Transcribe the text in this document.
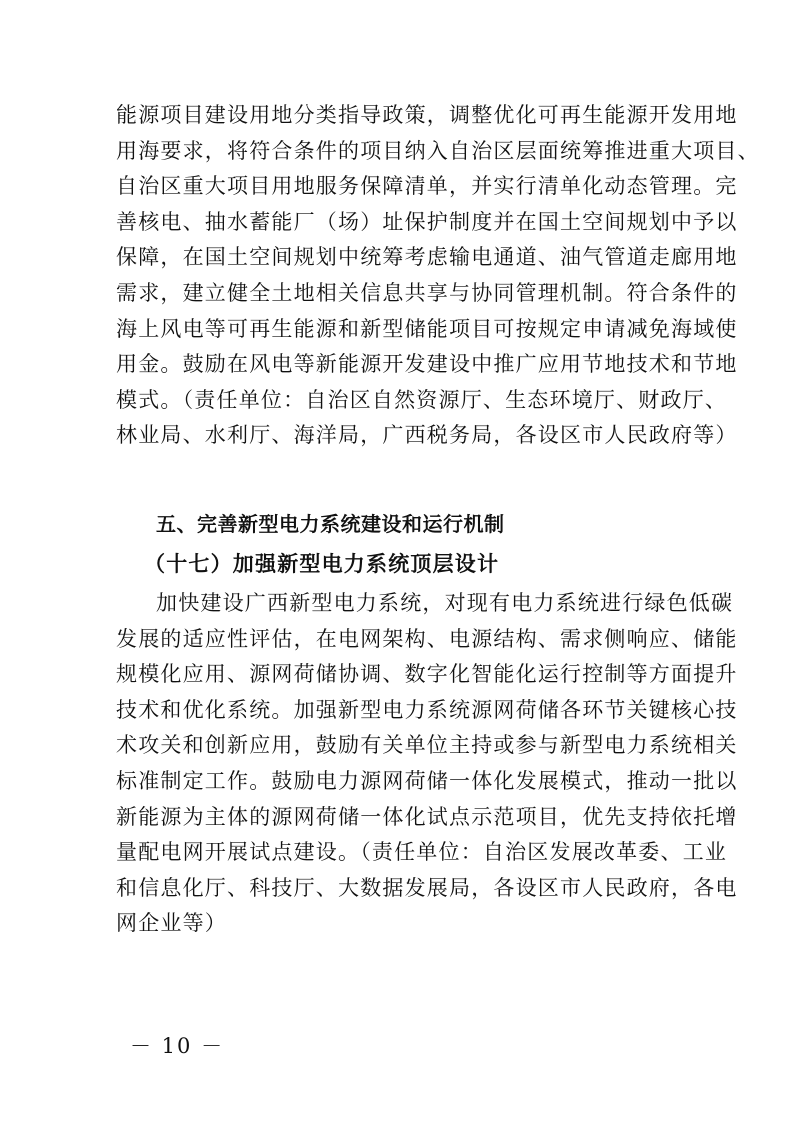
能源项目建设用地分类指导政策，调整优化可再生能源开发用地
用海要求，将符合条件的项目纳入自治区层面统筹推进重大项目、
自治区重大项目用地服务保障清单，并实行清单化动态管理。完
善核电、抽水蓄能厂（场）址保护制度并在国土空间规划中予以
保障，在国土空间规划中统筹考虑输电通道、油气管道走廊用地
需求，建立健全土地相关信息共享与协同管理机制。符合条件的
海上风电等可再生能源和新型储能项目可按规定申请减免海域使
用金。鼓励在风电等新能源开发建设中推广应用节地技术和节地
模式。（责任单位：自治区自然资源厅、生态环境厅、财政厅、
林业局、水利厅、海洋局，广西税务局，各设区市人民政府等）
五、完善新型电力系统建设和运行机制
（十七）加强新型电力系统顶层设计
加快建设广西新型电力系统，对现有电力系统进行绿色低碳
发展的适应性评估，在电网架构、电源结构、需求侧响应、储能
规模化应用、源网荷储协调、数字化智能化运行控制等方面提升
技术和优化系统。加强新型电力系统源网荷储各环节关键核心技
术攻关和创新应用，鼓励有关单位主持或参与新型电力系统相关
标准制定工作。鼓励电力源网荷储一体化发展模式，推动一批以
新能源为主体的源网荷储一体化试点示范项目，优先支持依托增
量配电网开展试点建设。（责任单位：自治区发展改革委、工业
和信息化厅、科技厅、大数据发展局，各设区市人民政府，各电
网企业等）
－ 10 －
